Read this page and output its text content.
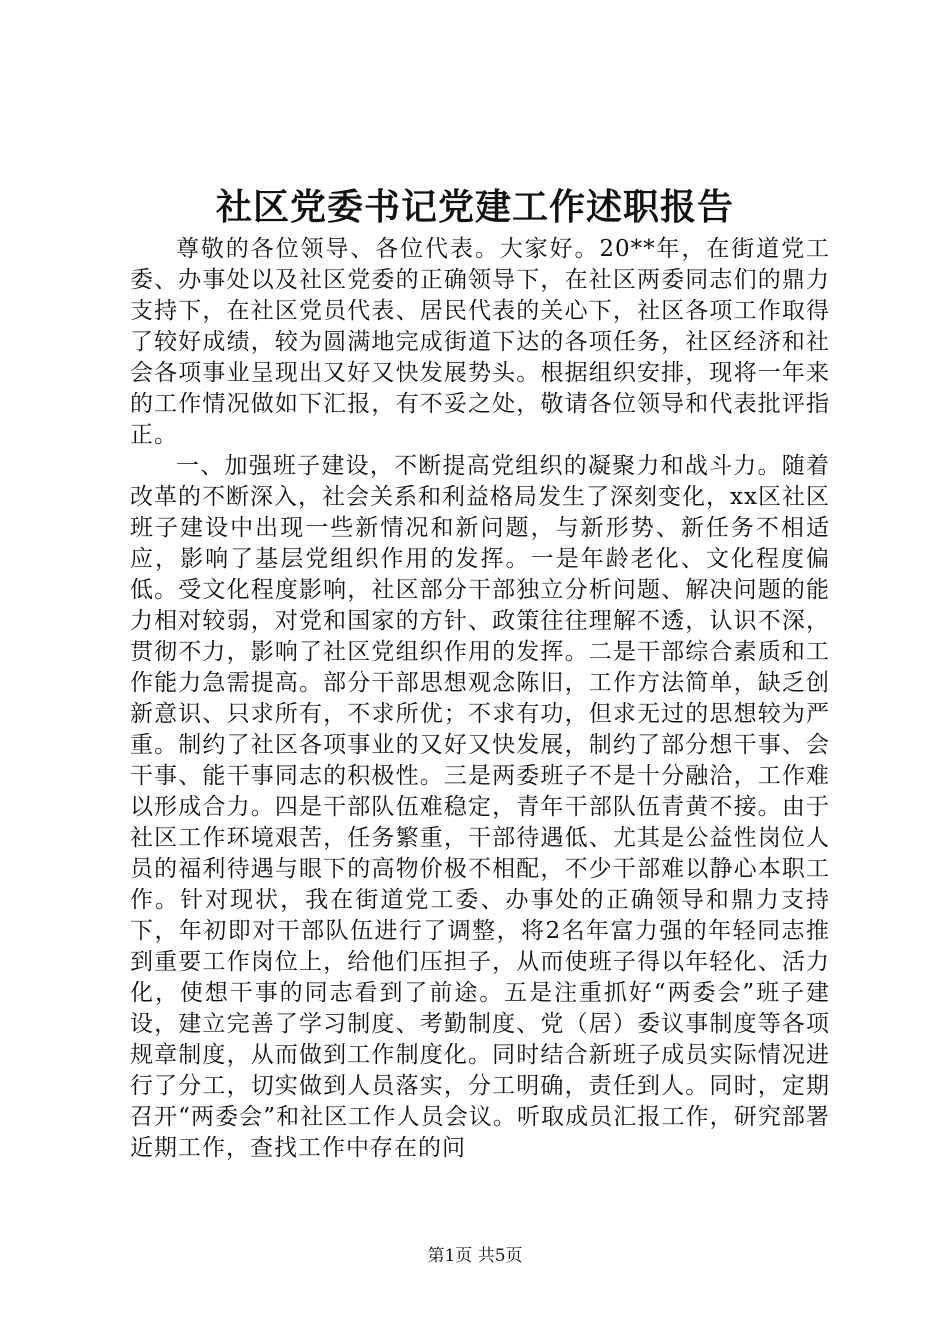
社区党委书记党建工作述职报告

尊敬的各位领导、各位代表。大家好。20**年，在街道党工委、办事处以及社区党委的正确领导下，在社区两委同志们的鼎力支持下，在社区党员代表、居民代表的关心下，社区各项工作取得了较好成绩，较为圆满地完成街道下达的各项任务，社区经济和社会各项事业呈现出又好又快发展势头。根据组织安排，现将一年来的工作情况做如下汇报，有不妥之处，敬请各位领导和代表批评指正。

一、加强班子建设，不断提高党组织的凝聚力和战斗力。随着改革的不断深入，社会关系和利益格局发生了深刻变化，xx区社区班子建设中出现一些新情况和新问题，与新形势、新任务不相适应，影响了基层党组织作用的发挥。一是年龄老化、文化程度偏低。受文化程度影响，社区部分干部独立分析问题、解决问题的能力相对较弱，对党和国家的方针、政策往往理解不透，认识不深，贯彻不力，影响了社区党组织作用的发挥。二是干部综合素质和工作能力急需提高。部分干部思想观念陈旧，工作方法简单，缺乏创新意识、只求所有，不求所优；不求有功，但求无过的思想较为严重。制约了社区各项事业的又好又快发展，制约了部分想干事、会干事、能干事同志的积极性。三是两委班子不是十分融洽，工作难以形成合力。四是干部队伍难稳定，青年干部队伍青黄不接。由于社区工作环境艰苦，任务繁重，干部待遇低、尤其是公益性岗位人员的福利待遇与眼下的高物价极不相配，不少干部难以静心本职工作。针对现状，我在街道党工委、办事处的正确领导和鼎力支持下，年初即对干部队伍进行了调整，将2名年富力强的年轻同志推到重要工作岗位上，给他们压担子，从而使班子得以年轻化、活力化，使想干事的同志看到了前途。五是注重抓好“两委会”班子建设，建立完善了学习制度、考勤制度、党（居）委议事制度等各项规章制度，从而做到工作制度化。同时结合新班子成员实际情况进行了分工，切实做到人员落实，分工明确，责任到人。同时，定期召开“两委会”和社区工作人员会议。听取成员汇报工作，研究部署近期工作，查找工作中存在的问

第1页 共5页
